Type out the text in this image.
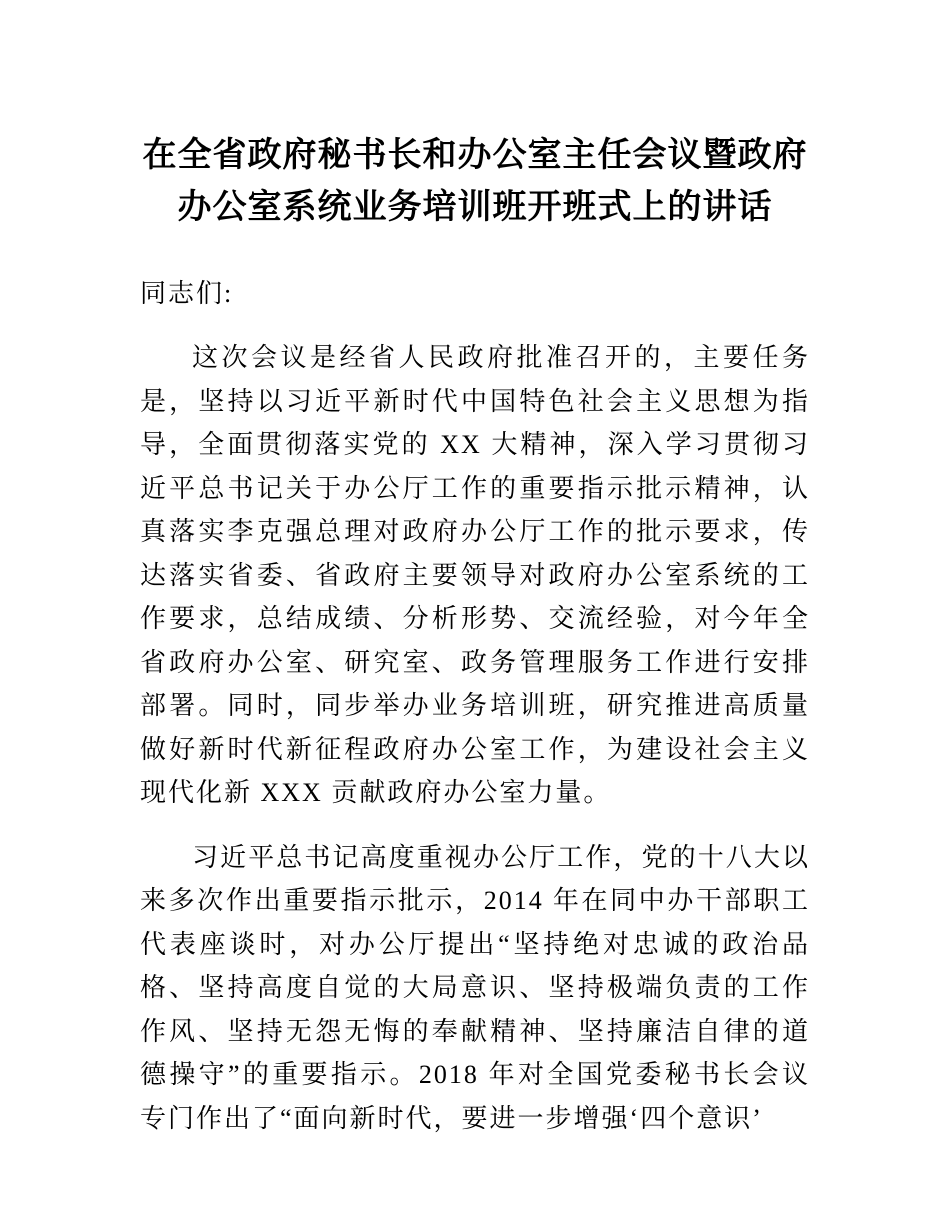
在全省政府秘书长和办公室主任会议暨政府办公室系统业务培训班开班式上的讲话

同志们:

这次会议是经省人民政府批准召开的，主要任务是，坚持以习近平新时代中国特色社会主义思想为指导，全面贯彻落实党的 XX 大精神，深入学习贯彻习近平总书记关于办公厅工作的重要指示批示精神，认真落实李克强总理对政府办公厅工作的批示要求，传达落实省委、省政府主要领导对政府办公室系统的工作要求，总结成绩、分析形势、交流经验，对今年全省政府办公室、研究室、政务管理服务工作进行安排部署。同时，同步举办业务培训班，研究推进高质量做好新时代新征程政府办公室工作，为建设社会主义现代化新 XXX 贡献政府办公室力量。

习近平总书记高度重视办公厅工作，党的十八大以来多次作出重要指示批示，2014 年在同中办干部职工代表座谈时，对办公厅提出“坚持绝对忠诚的政治品格、坚持高度自觉的大局意识、坚持极端负责的工作作风、坚持无怨无悔的奉献精神、坚持廉洁自律的道德操守”的重要指示。2018 年对全国党委秘书长会议专门作出了“面向新时代，要进一步增强‘四个意识’
